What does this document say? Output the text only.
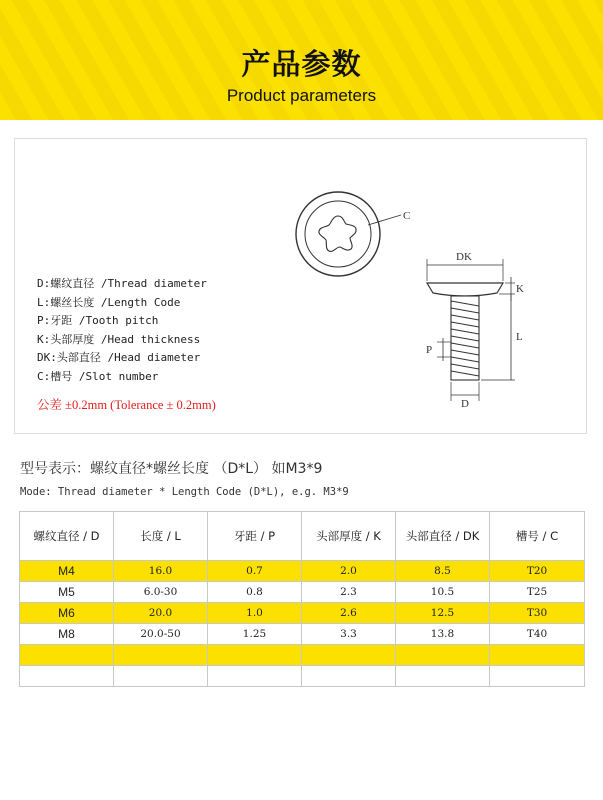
产品参数
Product parameters
C
DK
K
L
P
D
D:螺纹直径 /Thread diameter
L:螺丝长度 /Length Code
P:牙距 /Tooth pitch
K:头部厚度 /Head thickness
DK:头部直径 /Head diameter
C:槽号 /Slot number
公差 ±0.2mm (Tolerance ± 0.2mm)
型号表示：螺纹直径*螺丝长度 （D*L） 如M3*9
Mode: Thread diameter * Length Code (D*L), e.g. M3*9
螺纹直径 / D	长度 / L	牙距 / P	头部厚度 / K	头部直径 / DK	槽号 / C
M4	16.0	0.7	2.0	8.5	T20
M5	6.0-30	0.8	2.3	10.5	T25
M6	20.0	1.0	2.6	12.5	T30
M8	20.0-50	1.25	3.3	13.8	T40
